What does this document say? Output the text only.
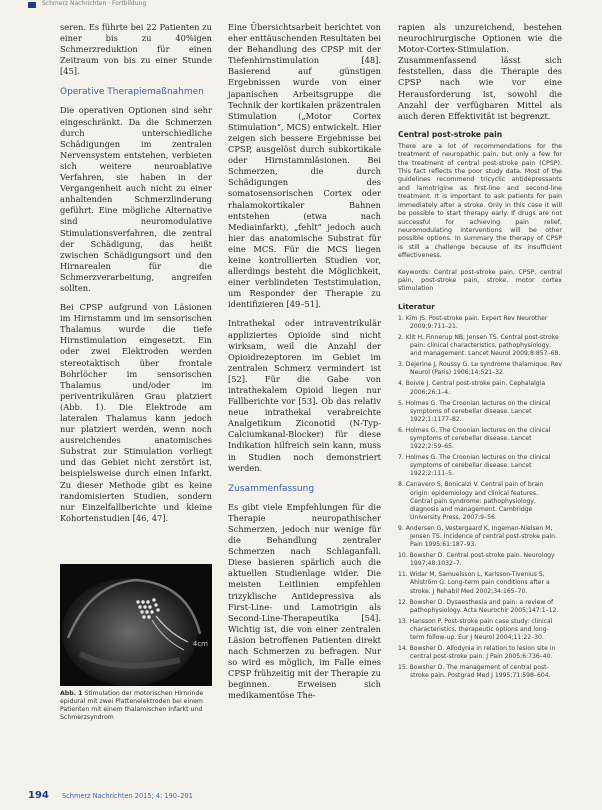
Schmerz Nachrichten · Fortbildung

seren. Es führte bei 22 Patienten zu einer bis zu 40%igen Schmerzreduktion für einen Zeitraum von bis zu einer Stunde [45].

Operative Therapiemaßnahmen

Die operativen Optionen sind sehr eingeschränkt. Da die Schmerzen durch unterschiedliche Schädigungen im zentralen Nervensystem entstehen, verbieten sich weitere neuroablative Verfahren, sie haben in der Vergangenheit auch nicht zu einer anhaltenden Schmerzlinderung geführt. Eine mögliche Alternative sind neuromodulative Stimulationsverfahren, die zentral der Schädigung, das heißt zwischen Schädigungsort und den Hirnarealen für die Schmerzverarbeitung, angreifen sollten.

Bei CPSP aufgrund von Läsionen im Hirnstamm und im sensorischen Thalamus wurde die tiefe Hirnstimulation eingesetzt. Ein oder zwei Elektroden werden stereotaktisch über frontale Bohrlöcher im sensorischen Thalamus und/oder im periventrikulären Grau platziert (Abb. 1). Die Elektrode am lateralen Thalamus kann jedoch nur platziert werden, wenn noch ausreichendes anatomisches Substrat zur Stimulation vorliegt und das Gebiet nicht zerstört ist, beispielsweise durch einen Infarkt. Zu dieser Methode gibt es keine randomisierten Studien, sondern nur Einzelfallberichte und kleine Kohortenstudien [46, 47].

4cm
Abb. 1 Stimulation der motorischen Hirnrinde epidural mit zwei Plattenelektroden bei einem Patienten mit einem thalamischen Infarkt und Schmerzsyndrom

Eine Übersichtsarbeit berichtet von eher enttäuschenden Resultaten bei der Behandlung des CPSP mit der Tiefenhirnstimulation [48]. Basierend auf günstigen Ergebnissen wurde von einer japanischen Arbeitsgruppe die Technik der kortikalen präzentralen Stimulation („Motor Cortex Stimulation“, MCS) entwickelt. Hier zeigen sich bessere Ergebnisse bei CPSP, ausgelöst durch subkortikale oder Hirnstammläsionen. Bei Schmerzen, die durch Schädigungen des somatosensorischen Cortex oder rhalamokortikaler Bahnen entstehen (etwa nach Mediainfarkt), „fehlt“ jedoch auch hier das anatomische Substrat für eine MCS. Für die MCS liegen keine kontrollierten Studien vor, allerdings besteht die Möglichkeit, einer verblindeten Teststimulation, um Responder der Therapie zu identifizieren [49–51].

Intrathekal oder intraventrikulär appliziertes Opioide sind nicht wirksam, weil die Anzahl der Opioidrezeptoren im Gebiet im zentralen Schmerz vermindert ist [52]. Für die Gabe von intrathekalem Opioid liegen nur Fallberichte vor [53]. Ob das relativ neue intrathekal verabreichte Analgetikum Ziconotid (N-Typ-Calciumkanal-Blocker) für diese Indikation hilfreich sein kann, muss in Studien noch demonstriert werden.

Zusammenfassung

Es gibt viele Empfehlungen für die Therapie neuropathischer Schmerzen, jedoch nur wenige für die Behandlung zentraler Schmerzen nach Schlaganfall. Diese basieren spärlich auch die aktuellen Studienlage wider. Die meisten Leitlinien empfehlen trizyklische Antidepressiva als First-Line- und Lamotrigin als Second-Line-Therapeutika [54]. Wichtig ist, die von einer zentralen Läsion betroffenen Patienten direkt nach Schmerzen zu befragen. Nur so wird es möglich, im Falle eines CPSP frühzeitig mit der Therapie zu beginnen. Erweisen sich medikamentöse The-

rapien als unzureichend, bestehen neurochirurgische Optionen wie die Motor-Cortex-Stimulation. Zusammenfassend lässt sich feststellen, dass die Therapie des CPSP nach wie vor eine Herausforderung ist, sowohl die Anzahl der verfügbaren Mittel als auch deren Effektivität ist begrenzt.

Central post-stroke pain

There are a lot of recommendations for the treatment of neuropathic pain, but only a few for the treatment of central post-stroke pain (CPSP). This fact reflects the poor study data. Most of the guidelines recommend tricyclic antidepressants and lamotrigine as first-line and second-line treatment. It is important to ask patients for pain immediately after a stroke. Only in this case it will be possible to start therapy early. If drugs are not successful for achieving pain relief, neuromodulating interventions will be other possible options. In summary the therapy of CPSP is still a challenge because of its insufficient effectiveness.

Keywords: Central post-stroke pain, CPSP, central pain, post-stroke pain, stroke, motor cortex stimulation

Literatur
1. Kim JS. Post-stroke pain. Expert Rev Neurother 2009;9:711–21.
2. Klit H, Finnerup NB, Jensen TS. Central post-stroke pain: clinical characteristics, pathophysiology, and management. Lancet Neurol 2009;8:857–68.
3. Dejerine J, Roussy G. Le syndrome thalamique. Rev Neurol (Paris) 1906;14:521–32.
4. Boivie J. Central post-stroke pain. Cephalalgia 2006;26:1–4.
5. Holmes G. The Croonian lectures on the clinical symptoms of cerebellar disease. Lancet 1922;1:1177–82.
6. Holmes G. The Croonian lectures on the clinical symptoms of cerebellar disease. Lancet 1922;2:59–65.
7. Holmes G. The Croonian lectures on the clinical symptoms of cerebellar disease. Lancet 1922;2:111–5.
8. Canavero S, Bonicalzi V. Central pain of brain origin: epidemiology and clinical features. Central pain syndrome: pathophysiology, diagnosis and management. Cambridge University Press, 2007:9–56.
9. Andersen G, Vestergaard K, Ingeman-Nielsen M, Jensen TS. Incidence of central post-stroke pain. Pain 1995;61:187–93.
10. Bowsher D. Central post-stroke pain. Neurology 1997;48:1032–7.
11. Widar M, Samuelsson L, Karlsson-Tivenius S, Ahlström G. Long-term pain conditions after a stroke. J Rehabil Med 2002;34:165–70.
12. Bowsher D. Dysaesthesia and pain: a review of pathophysiology. Acta Neurochir 2005;147:1–12.
13. Hansson P. Post-stroke pain case study: clinical characteristics, therapeutic options and long-term follow-up. Eur J Neurol 2004;11:22–30.
14. Bowsher D. Allodynia in relation to lesion site in central post-stroke pain. J Pain 2005;6:736–40.
15. Bowsher D. The management of central post-stroke pain. Postgrad Med J 1995;71:598–604.
194 Schmerz Nachrichten 2015; 4: 190–201
